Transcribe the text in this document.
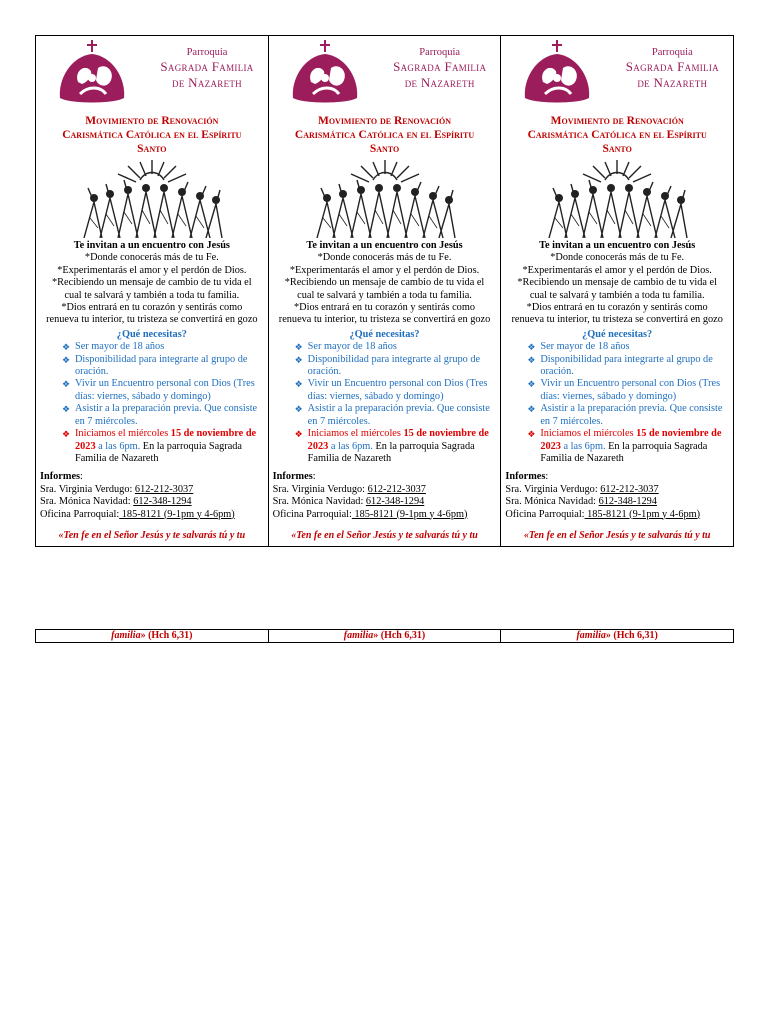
Parroquia
Sagrada Familia
de Nazareth
Movimiento de Renovación
Carismática Católica en el Espíritu
Santo
Te invitan a un encuentro con Jesús
*Donde conocerás más de tu Fe.
*Experimentarás el amor y el perdón de Dios.
*Recibiendo un mensaje de cambio de tu vida el
cual te salvará y también a toda tu familia.
*Dios entrará en tu corazón y sentirás como
renueva tu interior, tu tristeza se convertirá en gozo
¿Qué necesitas?
❖ Ser mayor de 18 años
❖ Disponibilidad para integrarte al grupo de oración.
❖ Vivir un Encuentro personal con Dios (Tres días: viernes, sábado y domingo)
❖ Asistir a la preparación previa. Que consiste en 7 miércoles.
❖ Iniciamos el miércoles 15 de noviembre de 2023 a las 6pm. En la parroquia Sagrada Familia de Nazareth
Informes:
Sra. Virginia Verdugo: 612-212-3037
Sra. Mónica Navidad: 612-348-1294
Oficina Parroquial: 185-8121 (9-1pm y 4-6pm)
«Ten fe en el Señor Jesús y te salvarás tú y tu
Parroquia
Sagrada Familia
de Nazareth
Movimiento de Renovación
Carismática Católica en el Espíritu
Santo
Te invitan a un encuentro con Jesús
*Donde conocerás más de tu Fe.
*Experimentarás el amor y el perdón de Dios.
*Recibiendo un mensaje de cambio de tu vida el
cual te salvará y también a toda tu familia.
*Dios entrará en tu corazón y sentirás como
renueva tu interior, tu tristeza se convertirá en gozo
¿Qué necesitas?
❖ Ser mayor de 18 años
❖ Disponibilidad para integrarte al grupo de oración.
❖ Vivir un Encuentro personal con Dios (Tres días: viernes, sábado y domingo)
❖ Asistir a la preparación previa. Que consiste en 7 miércoles.
❖ Iniciamos el miércoles 15 de noviembre de 2023 a las 6pm. En la parroquia Sagrada Familia de Nazareth
Informes:
Sra. Virginia Verdugo: 612-212-3037
Sra. Mónica Navidad: 612-348-1294
Oficina Parroquial: 185-8121 (9-1pm y 4-6pm)
«Ten fe en el Señor Jesús y te salvarás tú y tu
Parroquia
Sagrada Familia
de Nazareth
Movimiento de Renovación
Carismática Católica en el Espíritu
Santo
Te invitan a un encuentro con Jesús
*Donde conocerás más de tu Fe.
*Experimentarás el amor y el perdón de Dios.
*Recibiendo un mensaje de cambio de tu vida el
cual te salvará y también a toda tu familia.
*Dios entrará en tu corazón y sentirás como
renueva tu interior, tu tristeza se convertirá en gozo
¿Qué necesitas?
❖ Ser mayor de 18 años
❖ Disponibilidad para integrarte al grupo de oración.
❖ Vivir un Encuentro personal con Dios (Tres días: viernes, sábado y domingo)
❖ Asistir a la preparación previa. Que consiste en 7 miércoles.
❖ Iniciamos el miércoles 15 de noviembre de 2023 a las 6pm. En la parroquia Sagrada Familia de Nazareth
Informes:
Sra. Virginia Verdugo: 612-212-3037
Sra. Mónica Navidad: 612-348-1294
Oficina Parroquial: 185-8121 (9-1pm y 4-6pm)
«Ten fe en el Señor Jesús y te salvarás tú y tu
familia» (Hch 6,31)	familia» (Hch 6,31)	familia» (Hch 6,31)
